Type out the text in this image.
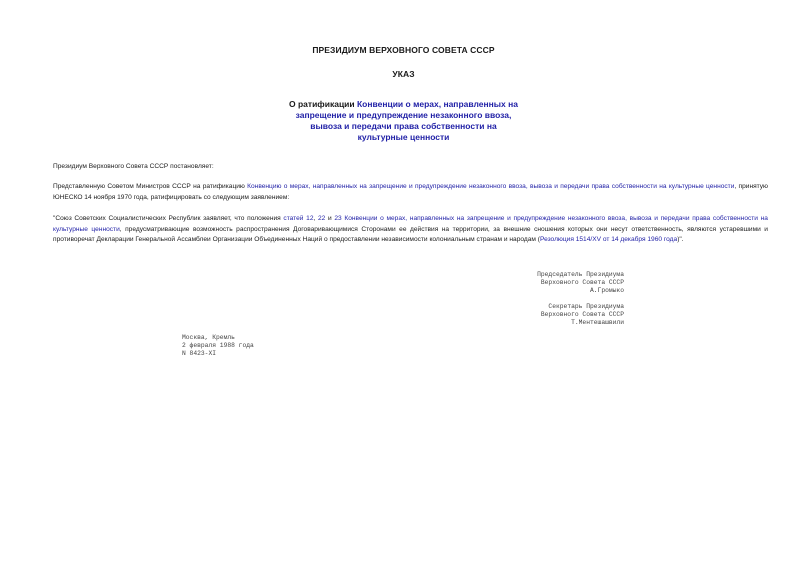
ПРЕЗИДИУМ ВЕРХОВНОГО СОВЕТА СССР
УКАЗ
О ратификации Конвенции о мерах, направленных на
запрещение и предупреждение незаконного ввоза,
вывоза и передачи права собственности на
культурные ценности
Президиум Верховного Совета СССР постановляет:
Представленную Советом Министров СССР на ратификацию Конвенцию о мерах, направленных на запрещение и предупреждение незаконного ввоза, вывоза и передачи права собственности на культурные ценности, принятую ЮНЕСКО 14 ноября 1970 года, ратифицировать со следующим заявлением:
"Союз Советских Социалистических Республик заявляет, что положения статей 12, 22 и 23 Конвенции о мерах, направленных на запрещение и предупреждение незаконного ввоза, вывоза и передачи права собственности на культурные ценности, предусматривающие возможность распространения Договаривающимися Сторонами ее действия на территории, за внешние сношения которых они несут ответственность, являются устаревшими и противоречат Декларации Генеральной Ассамблеи Организации Объединенных Наций о предоставлении независимости колониальным странам и народам (Резолюция 1514/XV от 14 декабря 1960 года)".
Председатель Президиума
Верховного Совета СССР
А.Громыко
Секретарь Президиума
Верховного Совета СССР
Т.Ментешашвили
Москва, Кремль
2 февраля 1988 года
N 8423-XI
